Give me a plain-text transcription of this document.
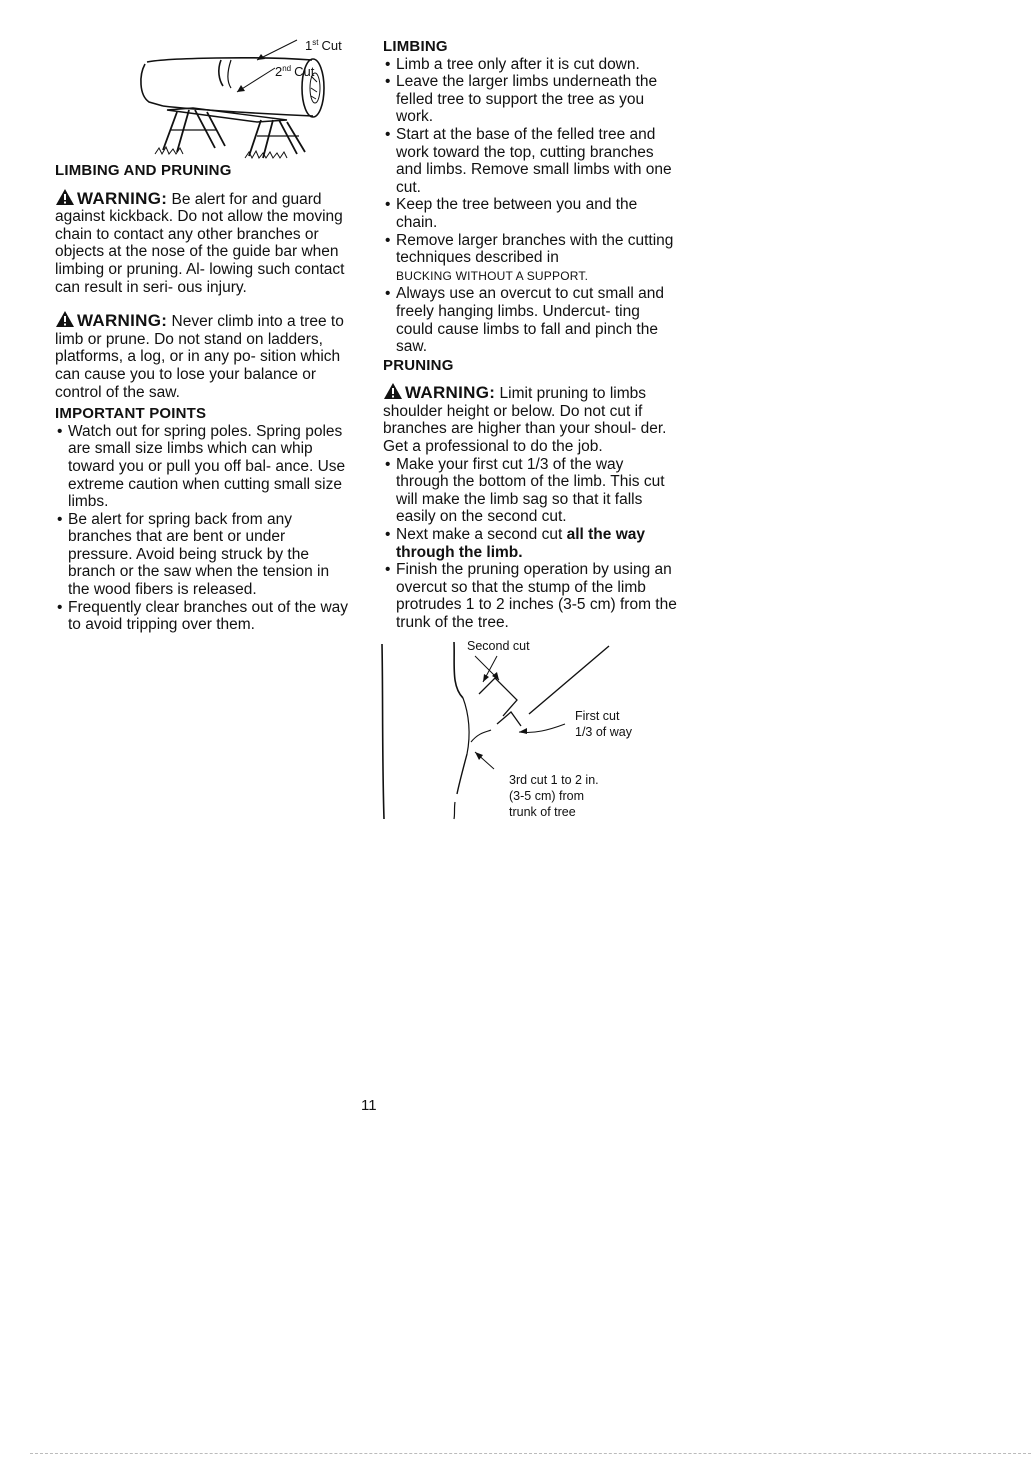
1st Cut
2nd Cut

LIMBING AND PRUNING

WARNING: Be alert for and guard against kickback. Do not allow the moving chain to contact any other branches or objects at the nose of the guide bar when limbing or pruning. Al- lowing such contact can result in seri- ous injury.

WARNING: Never climb into a tree to limb or prune. Do not stand on ladders, platforms, a log, or in any po- sition which can cause you to lose your balance or control of the saw.

IMPORTANT POINTS

• Watch out for spring poles. Spring poles are small size limbs which can whip toward you or pull you off bal- ance. Use extreme caution when cutting small size limbs.
• Be alert for spring back from any branches that are bent or under pressure. Avoid being struck by the branch or the saw when the tension in the wood fibers is released.
• Frequently clear branches out of the way to avoid tripping over them.

LIMBING

• Limb a tree only after it is cut down.
• Leave the larger limbs underneath the felled tree to support the tree as you work.
• Start at the base of the felled tree and work toward the top, cutting branches and limbs. Remove small limbs with one cut.
• Keep the tree between you and the chain.
• Remove larger branches with the cutting techniques described in
BUCKING WITHOUT A SUPPORT.
• Always use an overcut to cut small and freely hanging limbs. Undercut- ting could cause limbs to fall and pinch the saw.

PRUNING

WARNING: Limit pruning to limbs shoulder height or below. Do not cut if branches are higher than your shoul- der. Get a professional to do the job.

• Make your first cut 1/3 of the way through the bottom of the limb. This cut will make the limb sag so that it falls easily on the second cut.
• Next make a second cut all the way through the limb.
• Finish the pruning operation by using an overcut so that the stump of the limb protrudes 1 to 2 inches (3-5 cm) from the trunk of the tree.
Second cut
First cut
1/3 of way
3rd cut 1 to 2 in.
(3-5 cm) from
trunk of tree
11
